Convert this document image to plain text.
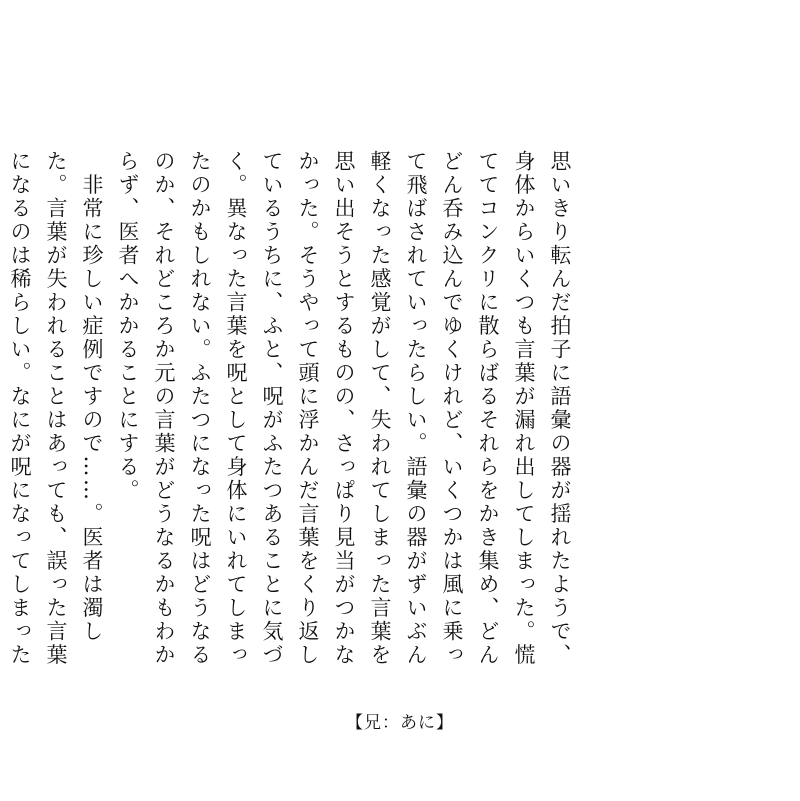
思いきり転んだ拍子に語彙の器が揺れたようで、身体からいくつも言葉が漏れ出してしまった。慌ててコンクリに散らばるそれらをかき集め、どんどん呑み込んでゆくけれど、いくつかは風に乗って飛ばされていったらしい。語彙の器がずいぶん軽くなった感覚がして、失われてしまった言葉を思い出そうとするものの、さっぱり見当がつかなかった。そうやって頭に浮かんだ言葉をくり返しているうちに、ふと、呪がふたつあることに気づく。異なった言葉を呪として身体にいれてしまったのかもしれない。ふたつになった呪はどうなるのか、それどころか元の言葉がどうなるかもわからず、医者へかかることにする。
　非常に珍しい症例ですので……。医者は濁した。言葉が失われることはあっても、誤った言葉になるのは稀らしい。なにが呪になってしまった

【兄：あに】
